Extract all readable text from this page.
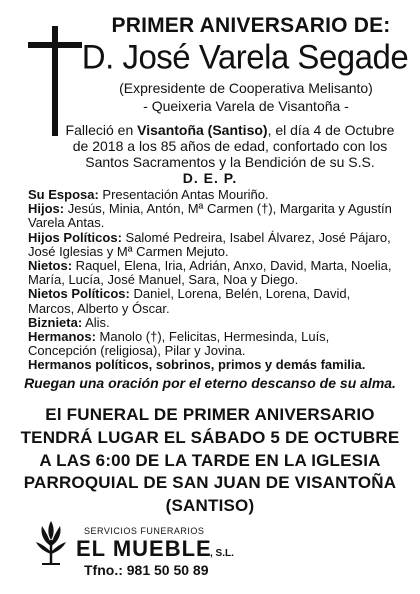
PRIMER ANIVERSARIO DE:
D. José Varela Segade
(Expresidente de Cooperativa Melisanto)
- Queixeria Varela de Visantoña -
Falleció en Visantoña (Santiso), el día 4 de Octubre de 2018 a los 85 años de edad, confortado con los Santos Sacramentos y la Bendición de su S.S.
D. E. P.

Su Esposa: Presentación Antas Mouriño.

Hijos: Jesús, Minia, Antón, Mª Carmen (†), Margarita y Agustín Varela Antas.

Hijos Políticos: Salomé Pedreira, Isabel Álvarez, José Pájaro, José Iglesias y Mª Carmen Mejuto.

Nietos: Raquel, Elena, Iria, Adrián, Anxo, David, Marta, Noelia, María, Lucía, José Manuel, Sara, Noa y Diego.

Nietos Políticos: Daniel, Lorena, Belén, Lorena, David, Marcos, Alberto y Óscar.

Biznieta: Alis.

Hermanos: Manolo (†), Felicitas, Hermesinda, Luís, Concepción (religiosa), Pilar y Jovina.

Hermanos políticos, sobrinos, primos y demás familia.

Ruegan una oración por el eterno descanso de su alma.
El FUNERAL DE PRIMER ANIVERSARIO TENDRÁ LUGAR EL SÁBADO 5 DE OCTUBRE A LAS 6:00 DE LA TARDE EN LA IGLESIA PARROQUIAL DE SAN JUAN DE VISANTOÑA (SANTISO)
SERVICIOS FUNERARIOS
EL MUEBLE
, S.L.
Tfno.: 981 50 50 89
